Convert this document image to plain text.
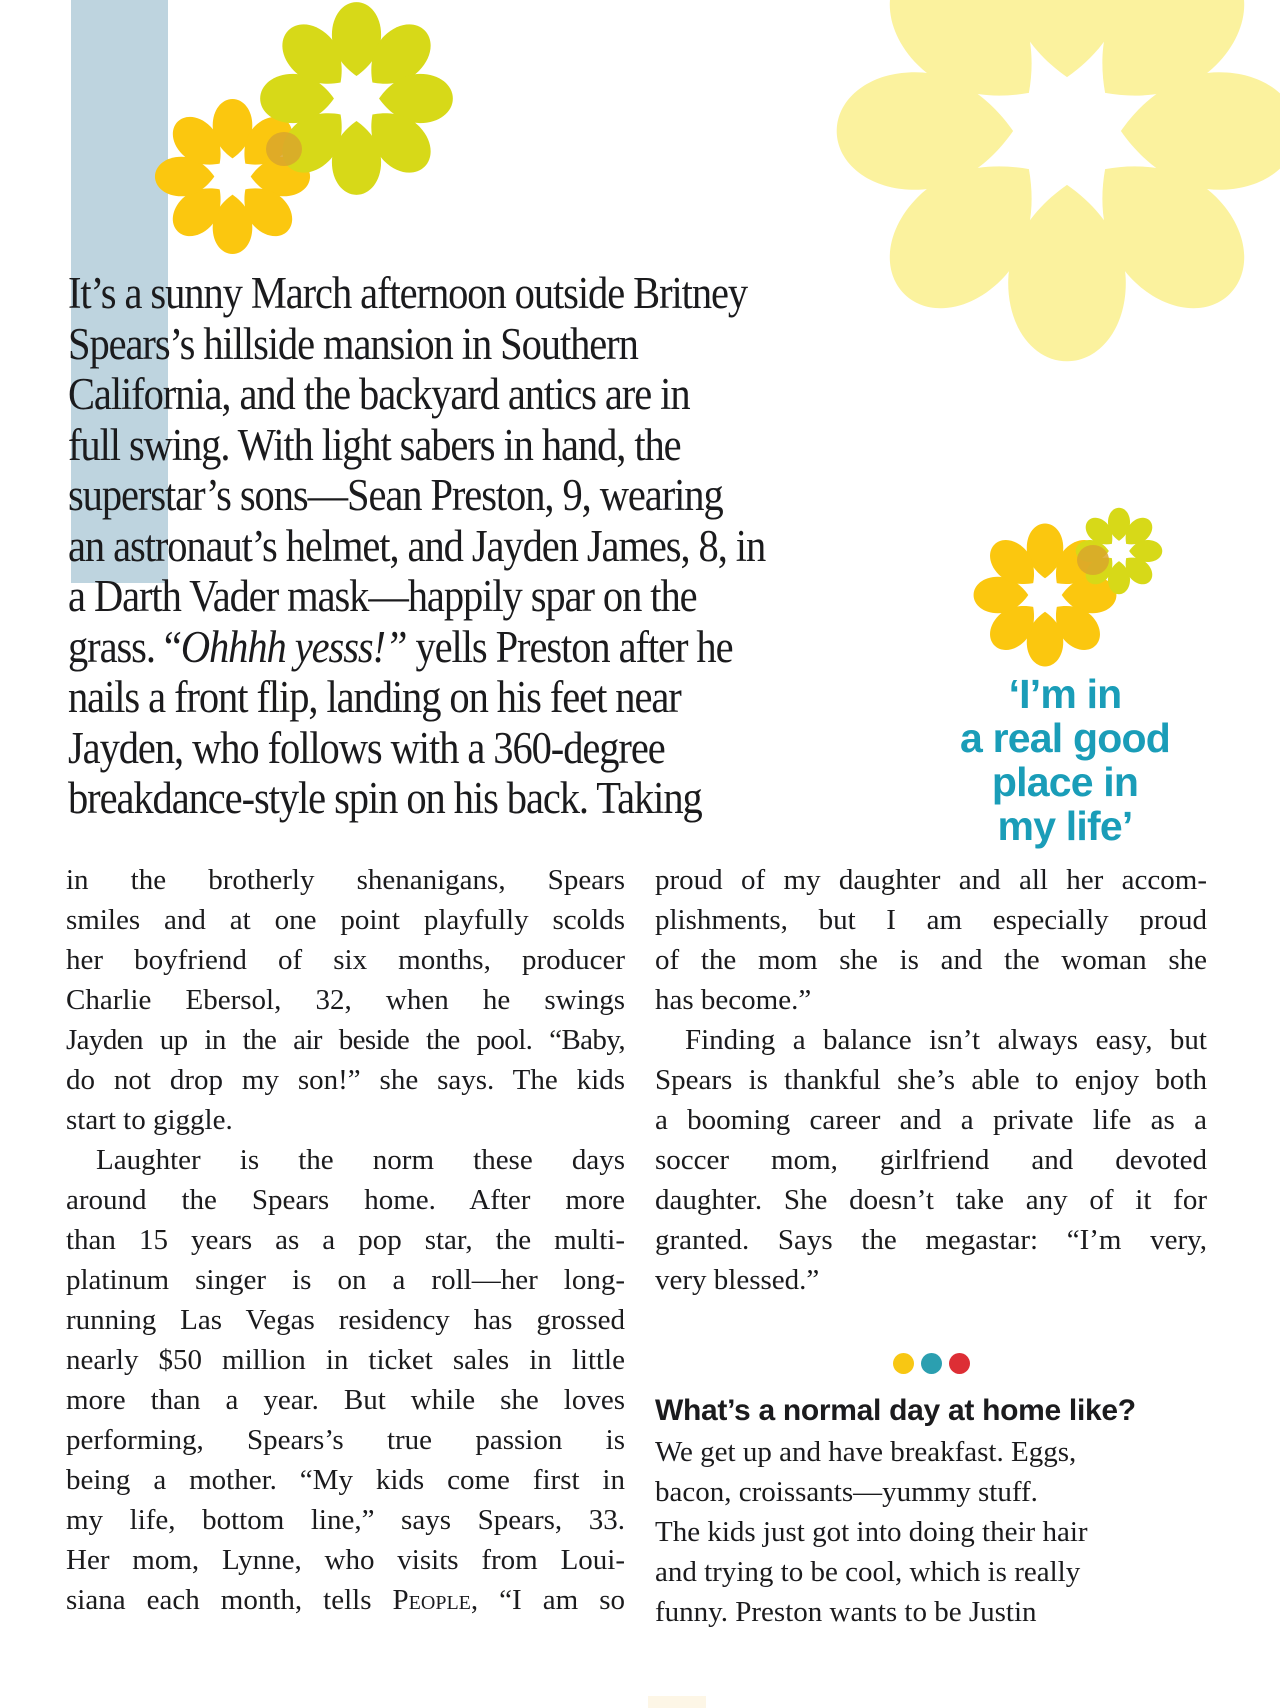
It’s a sunny March afternoon outside Britney
Spears’s hillside mansion in Southern
California, and the backyard antics are in
full swing. With light sabers in hand, the
superstar’s sons—Sean Preston, 9, wearing
an astronaut’s helmet, and Jayden James, 8, in
a Darth Vader mask—happily spar on the
grass. “Ohhhh yesss!” yells Preston after he
nails a front flip, landing on his feet near
Jayden, who follows with a 360-degree
breakdance-style spin on his back. Taking
‘I’m in
a real good
place in
my life’
in the brotherly shenanigans, Spears
smiles and at one point playfully scolds
her boyfriend of six months, producer
Charlie Ebersol, 32, when he swings
Jayden up in the air beside the pool. “Baby,
do not drop my son!” she says. The kids
start to giggle.
Laughter is the norm these days
around the Spears home. After more
than 15 years as a pop star, the multi-
platinum singer is on a roll—her long-
running Las Vegas residency has grossed
nearly $50 million in ticket sales in little
more than a year. But while she loves
performing, Spears’s true passion is
being a mother. “My kids come first in
my life, bottom line,” says Spears, 33.
Her mom, Lynne, who visits from Loui-
siana each month, tells People, “I am so
proud of my daughter and all her accom-
plishments, but I am especially proud
of the mom she is and the woman she
has become.”
Finding a balance isn’t always easy, but
Spears is thankful she’s able to enjoy both
a booming career and a private life as a
soccer mom, girlfriend and devoted
daughter. She doesn’t take any of it for
granted. Says the megastar: “I’m very,
very blessed.”
What’s a normal day at home like?
We get up and have breakfast. Eggs,
bacon, croissants—yummy stuff.
The kids just got into doing their hair
and trying to be cool, which is really
funny. Preston wants to be Justin
